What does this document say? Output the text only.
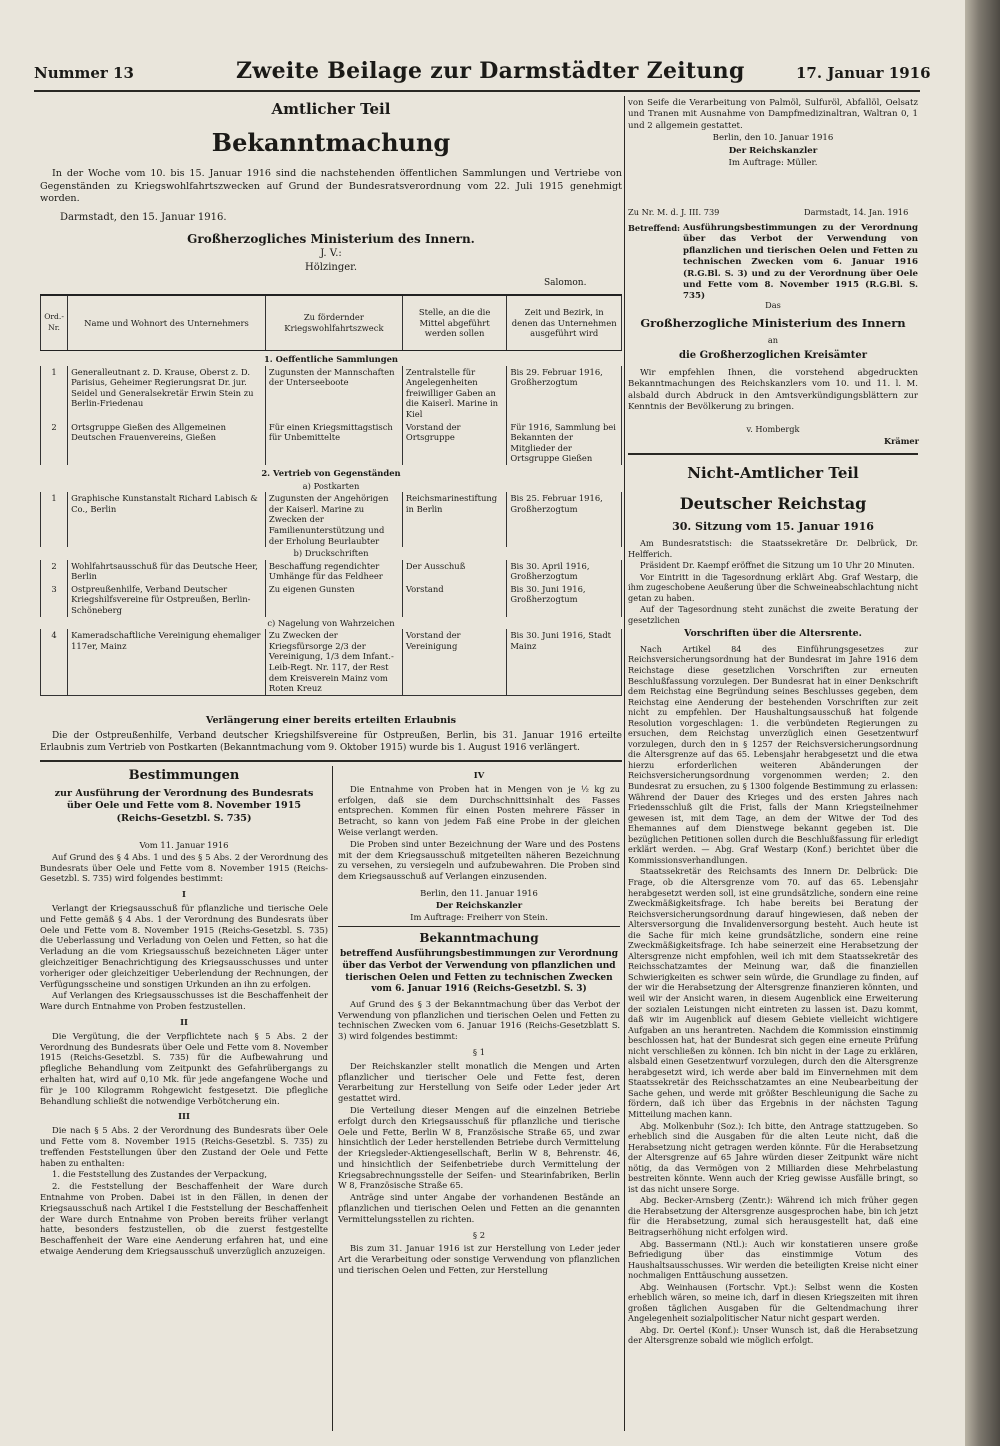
Nummer 13	Zweite Beilage zur Darmstädter Zeitung	17. Januar 1916
Amtlicher Teil
Bekanntmachung

In der Woche vom 10. bis 15. Januar 1916 sind die nachstehenden öffentlichen Sammlungen und Vertriebe von Gegenständen zu Kriegswohlfahrtszwecken auf Grund der Bundesratsverordnung vom 22. Juli 1915 genehmigt worden.

Darmstadt, den 15. Januar 1916.
Großherzogliches Ministerium des Innern.
J. V.:
Hölzinger.
Salomon.
Ord.-Nr.	Name und Wohnort des Unternehmers	Zu fördernder Kriegswohlfahrtszweck	Stelle, an die die Mittel abgeführt werden sollen	Zeit und Bezirk, in denen das Unternehmen ausgeführt wird
1. Oeffentliche Sammlungen				
1	Generalleutnant z. D. Krause, Oberst z. D. Parisius, Geheimer Regierungsrat Dr. jur. Seidel und Generalsekretär Erwin Stein zu Berlin-Friedenau	Zugunsten der Mannschaften der Unterseeboote	Zentralstelle für Angelegenheiten freiwilliger Gaben an die Kaiserl. Marine in Kiel	Bis 29. Februar 1916, Großherzogtum
2	Ortsgruppe Gießen des Allgemeinen Deutschen Frauenvereins, Gießen	Für einen Kriegsmittagstisch für Unbemittelte	Vorstand der Ortsgruppe	Für 1916, Sammlung bei Bekannten der Mitglieder der Ortsgruppe Gießen
2. Vertrieb von Gegenständen				
a) Postkarten				
1	Graphische Kunstanstalt Richard Labisch & Co., Berlin	Zugunsten der Angehörigen der Kaiserl. Marine zu Zwecken der Familienunterstützung und der Erholung Beurlaubter	Reichsmarinestiftung in Berlin	Bis 25. Februar 1916, Großherzogtum
b) Druckschriften				
2	Wohlfahrtsausschuß für das Deutsche Heer, Berlin	Beschaffung regendichter Umhänge für das Feldheer	Der Ausschuß	Bis 30. April 1916, Großherzogtum
3	Ostpreußenhilfe, Verband Deutscher Kriegshilfsvereine für Ostpreußen, Berlin-Schöneberg	Zu eigenen Gunsten	Vorstand	Bis 30. Juni 1916, Großherzogtum
c) Nagelung von Wahrzeichen				
4	Kameradschaftliche Vereinigung ehemaliger 117er, Mainz	Zu Zwecken der Kriegsfürsorge 2/3 der Vereinigung, 1/3 dem Infant.-Leib-Regt. Nr. 117, der Rest dem Kreisverein Mainz vom Roten Kreuz	Vorstand der Vereinigung	Bis 30. Juni 1916, Stadt Mainz
Verlängerung einer bereits erteilten Erlaubnis

Die der Ostpreußenhilfe, Verband deutscher Kriegshilfsvereine für Ostpreußen, Berlin, bis 31. Januar 1916 erteilte Erlaubnis zum Vertrieb von Postkarten (Bekanntmachung vom 9. Oktober 1915) wurde bis 1. August 1916 verlängert.

von Seife die Verarbeitung von Palmöl, Sulfuröl, Abfallöl, Oelsatz und Tranen mit Ausnahme von Dampfmedizinaltran, Waltran 0, 1 und 2 allgemein gestattet.

Berlin, den 10. Januar 1916

Der Reichskanzler

Im Auftrage: Müller.

Zu Nr. M. d. J. III. 739	Darmstadt, 14. Jan. 1916
Betreffend: Ausführungsbestimmungen zu der Verordnung über das Verbot der Verwendung von pflanzlichen und tierischen Oelen und Fetten zu technischen Zwecken vom 6. Januar 1916 (R.G.Bl. S. 3) und zu der Verordnung über Oele und Fette vom 8. November 1915 (R.G.Bl. S. 735)

Das
Großherzogliche Ministerium des Innern
an
die Großherzoglichen Kreisämter

Wir empfehlen Ihnen, die vorstehend abgedruckten Bekanntmachungen des Reichskanzlers vom 10. und 11. l. M. alsbald durch Abdruck in den Amtsverkündigungsblättern zur Kenntnis der Bevölkerung zu bringen.

v. Hombergk
Krämer
Nicht-Amtlicher Teil
Deutscher Reichstag
30. Sitzung vom 15. Januar 1916

Am Bundesratstisch: die Staatssekretäre Dr. Delbrück, Dr. Helfferich.

Präsident Dr. Kaempf eröffnet die Sitzung um 10 Uhr 20 Minuten.

Vor Eintritt in die Tagesordnung erklärt Abg. Graf Westarp, die ihm zugeschobene Aeußerung über die Schweineabschlachtung nicht getan zu haben.

Auf der Tagesordnung steht zunächst die zweite Beratung der gesetzlichen

Vorschriften über die Altersrente.

Nach Artikel 84 des Einführungsgesetzes zur Reichsversicherungsordnung hat der Bundesrat im Jahre 1916 dem Reichstage diese gesetzlichen Vorschriften zur erneuten Beschlußfassung vorzulegen. Der Bundesrat hat in einer Denkschrift dem Reichstag eine Begründung seines Beschlusses gegeben, dem Reichstag eine Aenderung der bestehenden Vorschriften zur zeit nicht zu empfehlen. Der Haushaltungsausschuß hat folgende Resolution vorgeschlagen: 1. die verbündeten Regierungen zu ersuchen, dem Reichstag unverzüglich einen Gesetzentwurf vorzulegen, durch den in § 1257 der Reichsversicherungsordnung die Altersgrenze auf das 65. Lebensjahr herabgesetzt und die etwa hierzu erforderlichen weiteren Abänderungen der Reichsversicherungsordnung vorgenommen werden; 2. den Bundesrat zu ersuchen, zu § 1300 folgende Bestimmung zu erlassen: Während der Dauer des Krieges und des ersten Jahres nach Friedensschluß gilt die Frist, falls der Mann Kriegsteilnehmer gewesen ist, mit dem Tage, an dem der Witwe der Tod des Ehemannes auf dem Dienstwege bekannt gegeben ist. Die bezüglichen Petitionen sollen durch die Beschlußfassung für erledigt erklärt werden. — Abg. Graf Westarp (Konf.) berichtet über die Kommissionsverhandlungen.

Staatssekretär des Reichsamts des Innern Dr. Delbrück: Die Frage, ob die Altersgrenze vom 70. auf das 65. Lebensjahr herabgesetzt werden soll, ist eine grundsätzliche, sondern eine reine Zweckmäßigkeitsfrage. Ich habe bereits bei Beratung der Reichsversicherungsordnung darauf hingewiesen, daß neben der Altersversorgung die Invalidenversorgung besteht. Auch heute ist die Sache für mich keine grundsätzliche, sondern eine reine Zweckmäßigkeitsfrage. Ich habe seinerzeit eine Herabsetzung der Altersgrenze nicht empfohlen, weil ich mit dem Staatssekretär des Reichsschatzamtes der Meinung war, daß die finanziellen Schwierigkeiten es schwer sein würde, die Grundlage zu finden, auf der wir die Herabsetzung der Altersgrenze finanzieren könnten, und weil wir der Ansicht waren, in diesem Augenblick eine Erweiterung der sozialen Leistungen nicht eintreten zu lassen ist. Dazu kommt, daß wir im Augenblick auf diesem Gebiete vielleicht wichtigere Aufgaben an uns herantreten. Nachdem die Kommission einstimmig beschlossen hat, hat der Bundesrat sich gegen eine erneute Prüfung nicht verschließen zu können. Ich bin nicht in der Lage zu erklären, alsbald einen Gesetzentwurf vorzulegen, durch den die Altersgrenze herabgesetzt wird, ich werde aber bald im Einvernehmen mit dem Staatssekretär des Reichsschatzamtes an eine Neubearbeitung der Sache gehen, und werde mit größter Beschleunigung die Sache zu fördern, daß ich über das Ergebnis in der nächsten Tagung Mitteilung machen kann.

Abg. Molkenbuhr (Soz.): Ich bitte, den Antrage stattzugeben. So erheblich sind die Ausgaben für die alten Leute nicht, daß die Herabsetzung nicht getragen werden könnte. Für die Herabsetzung der Altersgrenze auf 65 Jahre würden dieser Zeitpunkt wäre nicht nötig, da das Vermögen von 2 Milliarden diese Mehrbelastung bestreiten könnte. Wenn auch der Krieg gewisse Ausfälle bringt, so ist das nicht unsere Sorge.

Abg. Becker-Arnsberg (Zentr.): Während ich mich früher gegen die Herabsetzung der Altersgrenze ausgesprochen habe, bin ich jetzt für die Herabsetzung, zumal sich herausgestellt hat, daß eine Beitragserhöhung nicht erfolgen wird.

Abg. Bassermann (Ntl.): Auch wir konstatieren unsere große Befriedigung über das einstimmige Votum des Haushaltsausschusses. Wir werden die beteiligten Kreise nicht einer nochmaligen Enttäuschung aussetzen.

Abg. Weinhausen (Fortschr. Vpt.): Selbst wenn die Kosten erheblich wären, so meine ich, darf in diesen Kriegszeiten mit ihren großen täglichen Ausgaben für die Geltendmachung ihrer Angelegenheit sozialpolitischer Natur nicht gespart werden.

Abg. Dr. Oertel (Konf.): Unser Wunsch ist, daß die Herabsetzung der Altersgrenze sobald wie möglich erfolgt.

Bestimmungen
zur Ausführung der Verordnung des Bundesrats über Oele und Fette vom 8. November 1915 (Reichs-Gesetzbl. S. 735)

Vom 11. Januar 1916

Auf Grund des § 4 Abs. 1 und des § 5 Abs. 2 der Verordnung des Bundesrats über Oele und Fette vom 8. November 1915 (Reichs-Gesetzbl. S. 735) wird folgendes bestimmt:

I

Verlangt der Kriegsausschuß für pflanzliche und tierische Oele und Fette gemäß § 4 Abs. 1 der Verordnung des Bundesrats über Oele und Fette vom 8. November 1915 (Reichs-Gesetzbl. S. 735) die Ueberlassung und Verladung von Oelen und Fetten, so hat die Verladung an die vom Kriegsausschuß bezeichneten Läger unter gleichzeitiger Benachrichtigung des Kriegsausschusses und unter vorheriger oder gleichzeitiger Ueberlendung der Rechnungen, der Verfügungsscheine und sonstigen Urkunden an ihn zu erfolgen.

Auf Verlangen des Kriegsausschusses ist die Beschaffenheit der Ware durch Entnahme von Proben festzustellen.

II

Die Vergütung, die der Verpflichtete nach § 5 Abs. 2 der Verordnung des Bundesrats über Oele und Fette vom 8. November 1915 (Reichs-Gesetzbl. S. 735) für die Aufbewahrung und pflegliche Behandlung vom Zeitpunkt des Gefahrübergangs zu erhalten hat, wird auf 0,10 Mk. für jede angefangene Woche und für je 100 Kilogramm Rohgewicht festgesetzt. Die pflegliche Behandlung schließt die notwendige Verbötcherung ein.

III

Die nach § 5 Abs. 2 der Verordnung des Bundesrats über Oele und Fette vom 8. November 1915 (Reichs-Gesetzbl. S. 735) zu treffenden Feststellungen über den Zustand der Oele und Fette haben zu enthalten:

1. die Feststellung des Zustandes der Verpackung,

2. die Feststellung der Beschaffenheit der Ware durch Entnahme von Proben. Dabei ist in den Fällen, in denen der Kriegsausschuß nach Artikel I die Feststellung der Beschaffenheit der Ware durch Entnahme von Proben bereits früher verlangt hatte, besonders festzustellen, ob die zuerst festgestellte Beschaffenheit der Ware eine Aenderung erfahren hat, und eine etwaige Aenderung dem Kriegsausschuß unverzüglich anzuzeigen.

IV

Die Entnahme von Proben hat in Mengen von je ½ kg zu erfolgen, daß sie dem Durchschnittsinhalt des Fasses entsprechen. Kommen für einen Posten mehrere Fässer in Betracht, so kann von jedem Faß eine Probe in der gleichen Weise verlangt werden.

Die Proben sind unter Bezeichnung der Ware und des Postens mit der dem Kriegsausschuß mitgeteilten näheren Bezeichnung zu versehen, zu versiegeln und aufzubewahren. Die Proben sind dem Kriegsausschuß auf Verlangen einzusenden.

Berlin, den 11. Januar 1916

Der Reichskanzler

Im Auftrage: Freiherr von Stein.

Bekanntmachung

betreffend Ausführungsbestimmungen zur Verordnung über das Verbot der Verwendung von pflanzlichen und tierischen Oelen und Fetten zu technischen Zwecken vom 6. Januar 1916 (Reichs-Gesetzbl. S. 3)

Auf Grund des § 3 der Bekanntmachung über das Verbot der Verwendung von pflanzlichen und tierischen Oelen und Fetten zu technischen Zwecken vom 6. Januar 1916 (Reichs-Gesetzblatt S. 3) wird folgendes bestimmt:

§ 1

Der Reichskanzler stellt monatlich die Mengen und Arten pflanzlicher und tierischer Oele und Fette fest, deren Verarbeitung zur Herstellung von Seife oder Leder jeder Art gestattet wird.

Die Verteilung dieser Mengen auf die einzelnen Betriebe erfolgt durch den Kriegsausschuß für pflanzliche und tierische Oele und Fette, Berlin W 8, Französische Straße 65, und zwar hinsichtlich der Leder herstellenden Betriebe durch Vermittelung der Kriegsleder-Aktiengesellschaft, Berlin W 8, Behrenstr. 46, und hinsichtlich der Seifenbetriebe durch Vermittelung der Kriegsabrechnungsstelle der Seifen- und Stearinfabriken, Berlin W 8, Französische Straße 65.

Anträge sind unter Angabe der vorhandenen Bestände an pflanzlichen und tierischen Oelen und Fetten an die genannten Vermittelungsstellen zu richten.

§ 2

Bis zum 31. Januar 1916 ist zur Herstellung von Leder jeder Art die Verarbeitung oder sonstige Verwendung von pflanzlichen und tierischen Oelen und Fetten, zur Herstellung
